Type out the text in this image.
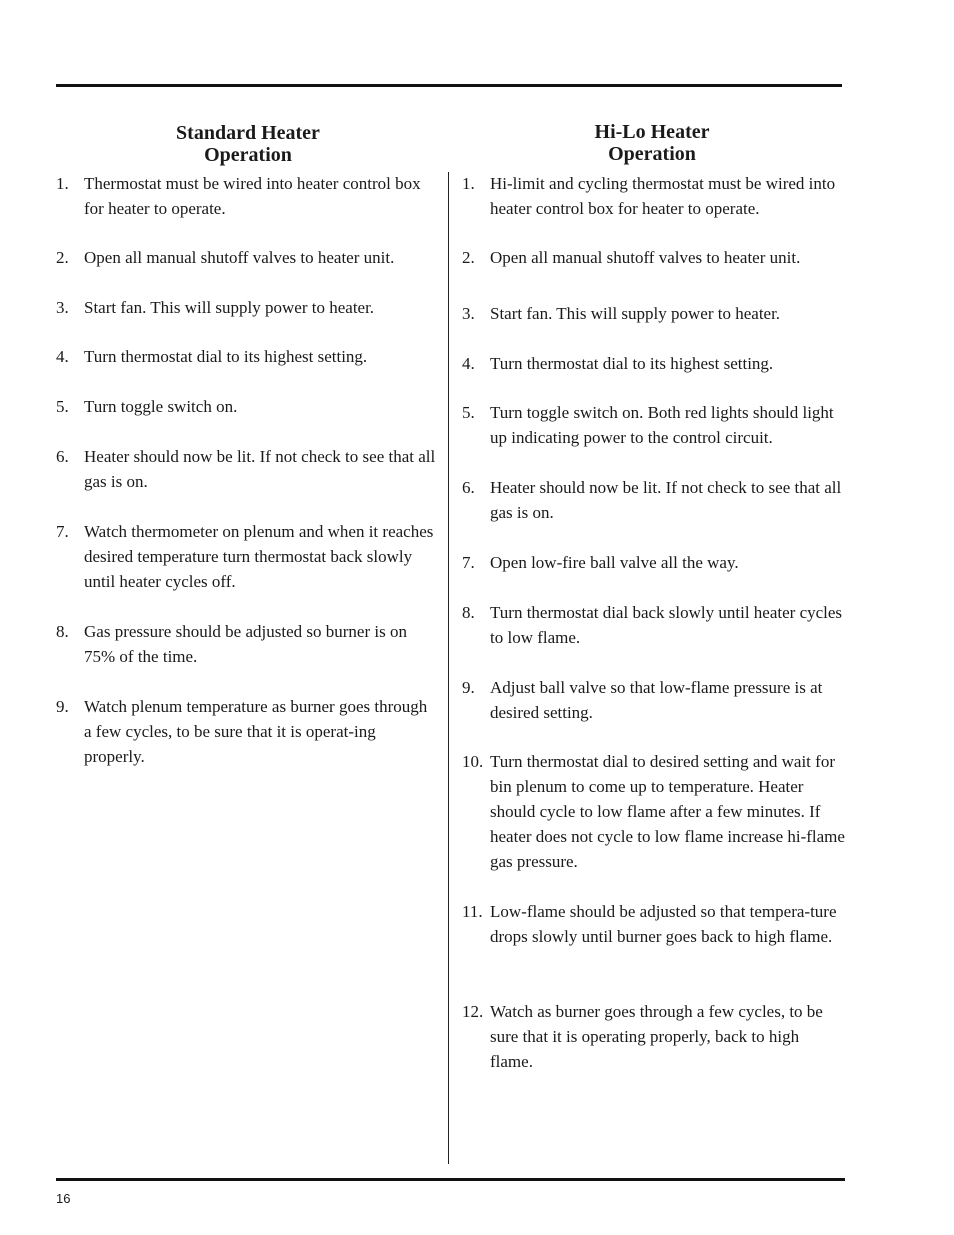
Standard Heater
Operation
1. Thermostat must be wired into heater control box for heater to operate.
2. Open all manual shutoff valves to heater unit.
3. Start fan. This will supply power to heater.
4. Turn thermostat dial to its highest setting.
5. Turn toggle switch on.
6. Heater should now be lit. If not check to see that all gas is on.
7. Watch thermometer on plenum and when it reaches desired temperature turn thermostat back slowly until heater cycles off.
8. Gas pressure should be adjusted so burner is on 75% of the time.
9. Watch plenum temperature as burner goes through a few cycles, to be sure that it is operat-ing properly.
Hi-Lo Heater
Operation
1. Hi-limit and cycling thermostat must be wired into heater control box for heater to operate.
2. Open all manual shutoff valves to heater unit.
3. Start fan. This will supply power to heater.
4. Turn thermostat dial to its highest setting.
5. Turn toggle switch on. Both red lights should light up indicating power to the control circuit.
6. Heater should now be lit. If not check to see that all gas is on.
7. Open low-fire ball valve all the way.
8. Turn thermostat dial back slowly until heater cycles to low flame.
9. Adjust ball valve so that low-flame pressure is at desired setting.
10. Turn thermostat dial to desired setting and wait for bin plenum to come up to temperature. Heater should cycle to low flame after a few minutes. If heater does not cycle to low flame increase hi-flame gas pressure.
11. Low-flame should be adjusted so that tempera-ture drops slowly until burner goes back to high flame.
12. Watch as burner goes through a few cycles, to be sure that it is operating properly, back to high flame.
16
